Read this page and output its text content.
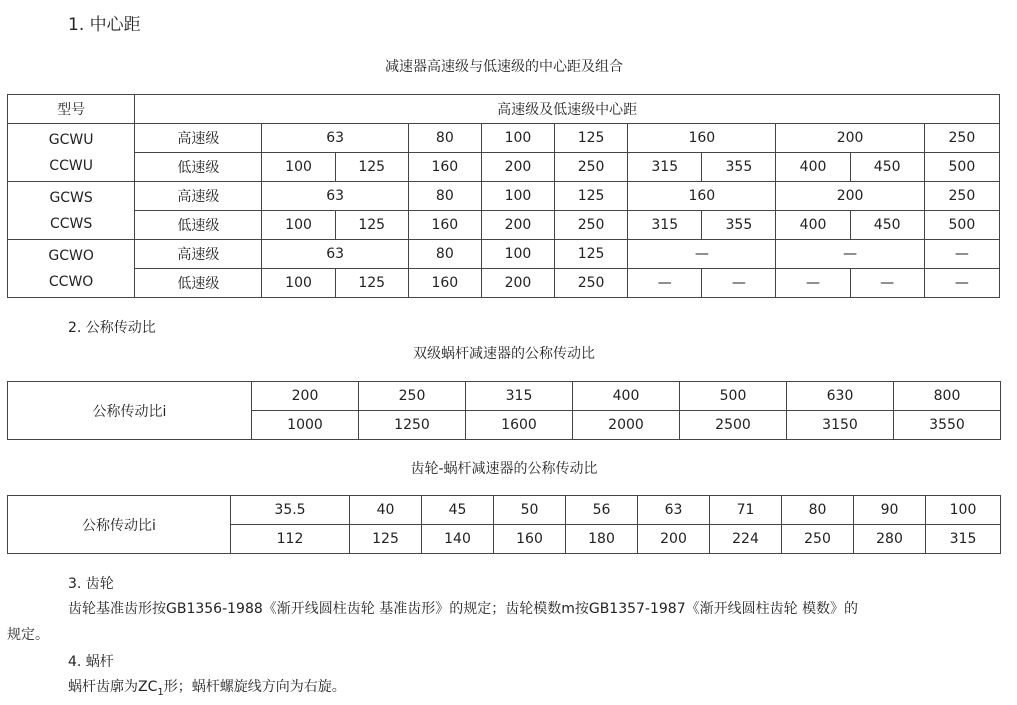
1. 中心距
减速器高速级与低速级的中心距及组合
型号	高速级及低速级中心距										

GCWU
CCWU	高速级	63		80	100	125	160		200		250
	低速级	100	125	160	200	250	315	355	400	450	500

GCWS
CCWS	高速级	63		80	100	125	160		200		250
	低速级	100	125	160	200	250	315	355	400	450	500

GCWO
CCWO	高速级	63		80	100	125	—		—		—
	低速级	100	125	160	200	250	—	—	—	—	—
2. 公称传动比
双级蜗杆减速器的公称传动比
公称传动比i	200	250	315	400	500	630	800
	1000	1250	1600	2000	2500	3150	3550
齿轮-蜗杆减速器的公称传动比
公称传动比i	35.5	40	45	50	56	63	71	80	90	100
	112	125	140	160	180	200	224	250	280	315
3. 齿轮
齿轮基准齿形按GB1356-1988《渐开线圆柱齿轮 基准齿形》的规定；齿轮模数m按GB1357-1987《渐开线圆柱齿轮 模数》的
规定。
4. 蜗杆
蜗杆齿廓为$ZC_1$形；蜗杆螺旋线方向为右旋。
